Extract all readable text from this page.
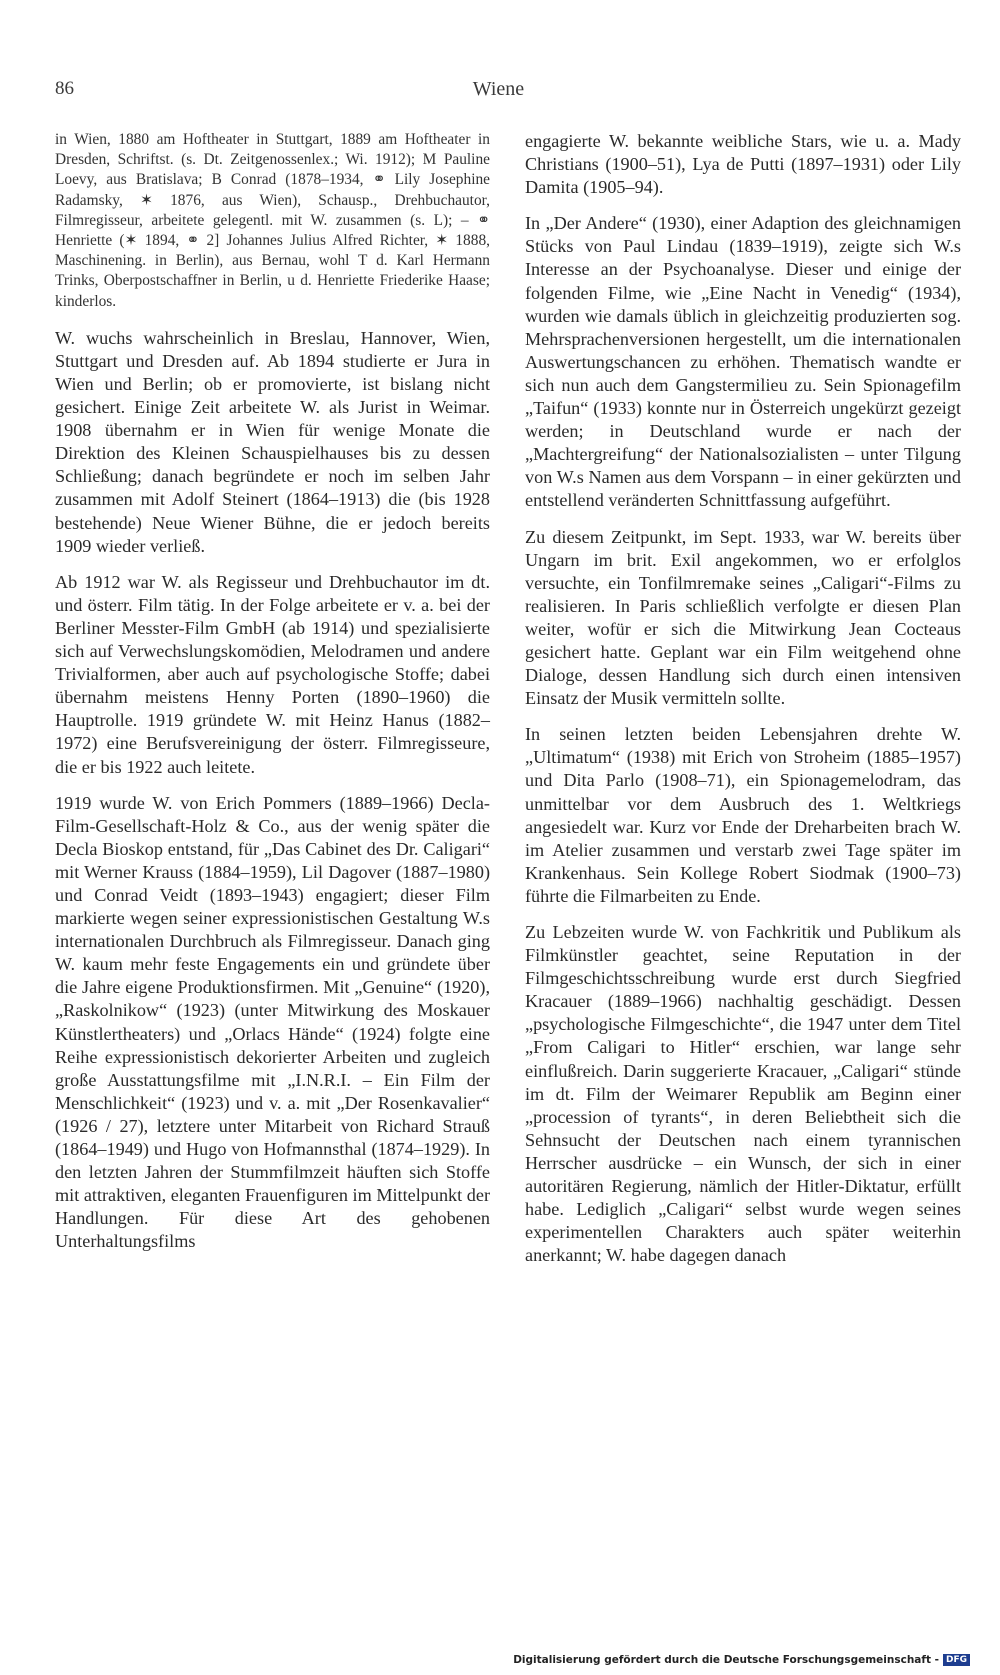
86	Wiene

in Wien, 1880 am Hoftheater in Stuttgart, 1889 am Hoftheater in Dresden, Schriftst. (s. Dt. Zeitgenossenlex.; Wi. 1912); M Pauline Loevy, aus Bratislava; B Conrad (1878–1934, ⚭ Lily Josephine Radamsky, ✶ 1876, aus Wien), Schausp., Drehbuchautor, Filmregisseur, arbeitete gelegentl. mit W. zusammen (s. L); – ⚭ Henriette (✶ 1894, ⚭ 2] Johannes Julius Alfred Richter, ✶ 1888, Maschinening. in Berlin), aus Bernau, wohl T d. Karl Hermann Trinks, Oberpostschaffner in Berlin, u d. Henriette Friederike Haase; kinderlos.

W. wuchs wahrscheinlich in Breslau, Hannover, Wien, Stuttgart und Dresden auf. Ab 1894 studierte er Jura in Wien und Berlin; ob er promovierte, ist bislang nicht gesichert. Einige Zeit arbeitete W. als Jurist in Weimar. 1908 übernahm er in Wien für wenige Monate die Direktion des Kleinen Schauspielhauses bis zu dessen Schließung; danach begründete er noch im selben Jahr zusammen mit Adolf Steinert (1864–1913) die (bis 1928 bestehende) Neue Wiener Bühne, die er jedoch bereits 1909 wieder verließ.

Ab 1912 war W. als Regisseur und Drehbuchautor im dt. und österr. Film tätig. In der Folge arbeitete er v. a. bei der Berliner Messter-Film GmbH (ab 1914) und spezialisierte sich auf Verwechslungskomödien, Melodramen und andere Trivialformen, aber auch auf psychologische Stoffe; dabei übernahm meistens Henny Porten (1890–1960) die Hauptrolle. 1919 gründete W. mit Heinz Hanus (1882–1972) eine Berufsvereinigung der österr. Filmregisseure, die er bis 1922 auch leitete.

1919 wurde W. von Erich Pommers (1889–1966) Decla-Film-Gesellschaft-Holz & Co., aus der wenig später die Decla Bioskop entstand, für „Das Cabinet des Dr. Caligari“ mit Werner Krauss (1884–1959), Lil Dagover (1887–1980) und Conrad Veidt (1893–1943) engagiert; dieser Film markierte wegen seiner expressionistischen Gestaltung W.s internationalen Durchbruch als Filmregisseur. Danach ging W. kaum mehr feste Engagements ein und gründete über die Jahre eigene Produktionsfirmen. Mit „Genuine“ (1920), „Raskolnikow“ (1923) (unter Mitwirkung des Moskauer Künstlertheaters) und „Orlacs Hände“ (1924) folgte eine Reihe expressionistisch dekorierter Arbeiten und zugleich große Ausstattungsfilme mit „I.N.R.I. – Ein Film der Menschlichkeit“ (1923) und v. a. mit „Der Rosenkavalier“ (1926 / 27), letztere unter Mitarbeit von Richard Strauß (1864–1949) und Hugo von Hofmannsthal (1874–1929). In den letzten Jahren der Stummfilmzeit häuften sich Stoffe mit attraktiven, eleganten Frauenfiguren im Mittelpunkt der Handlungen. Für diese Art des gehobenen Unterhaltungsfilms

engagierte W. bekannte weibliche Stars, wie u. a. Mady Christians (1900–51), Lya de Putti (1897–1931) oder Lily Damita (1905–94).

In „Der Andere“ (1930), einer Adaption des gleichnamigen Stücks von Paul Lindau (1839–1919), zeigte sich W.s Interesse an der Psychoanalyse. Dieser und einige der folgenden Filme, wie „Eine Nacht in Venedig“ (1934), wurden wie damals üblich in gleichzeitig produzierten sog. Mehrsprachenversionen hergestellt, um die internationalen Auswertungschancen zu erhöhen. Thematisch wandte er sich nun auch dem Gangstermilieu zu. Sein Spionagefilm „Taifun“ (1933) konnte nur in Österreich ungekürzt gezeigt werden; in Deutschland wurde er nach der „Machtergreifung“ der Nationalsozialisten – unter Tilgung von W.s Namen aus dem Vorspann – in einer gekürzten und entstellend veränderten Schnittfassung aufgeführt.

Zu diesem Zeitpunkt, im Sept. 1933, war W. bereits über Ungarn im brit. Exil angekommen, wo er erfolglos versuchte, ein Tonfilmremake seines „Caligari“-Films zu realisieren. In Paris schließlich verfolgte er diesen Plan weiter, wofür er sich die Mitwirkung Jean Cocteaus gesichert hatte. Geplant war ein Film weitgehend ohne Dialoge, dessen Handlung sich durch einen intensiven Einsatz der Musik vermitteln sollte.

In seinen letzten beiden Lebensjahren drehte W. „Ultimatum“ (1938) mit Erich von Stroheim (1885–1957) und Dita Parlo (1908–71), ein Spionagemelodram, das unmittelbar vor dem Ausbruch des 1. Weltkriegs angesiedelt war. Kurz vor Ende der Dreharbeiten brach W. im Atelier zusammen und verstarb zwei Tage später im Krankenhaus. Sein Kollege Robert Siodmak (1900–73) führte die Filmarbeiten zu Ende.

Zu Lebzeiten wurde W. von Fachkritik und Publikum als Filmkünstler geachtet, seine Reputation in der Filmgeschichtsschreibung wurde erst durch Siegfried Kracauer (1889–1966) nachhaltig geschädigt. Dessen „psychologische Filmgeschichte“, die 1947 unter dem Titel „From Caligari to Hitler“ erschien, war lange sehr einflußreich. Darin suggerierte Kracauer, „Caligari“ stünde im dt. Film der Weimarer Republik am Beginn einer „procession of tyrants“, in deren Beliebtheit sich die Sehnsucht der Deutschen nach einem tyrannischen Herrscher ausdrücke – ein Wunsch, der sich in einer autoritären Regierung, nämlich der Hitler-Diktatur, erfüllt habe. Lediglich „Caligari“ selbst wurde wegen seines experimentellen Charakters auch später weiterhin anerkannt; W. habe dagegen danach

Digitalisierung gefördert durch die Deutsche Forschungsgemeinschaft - DFG
